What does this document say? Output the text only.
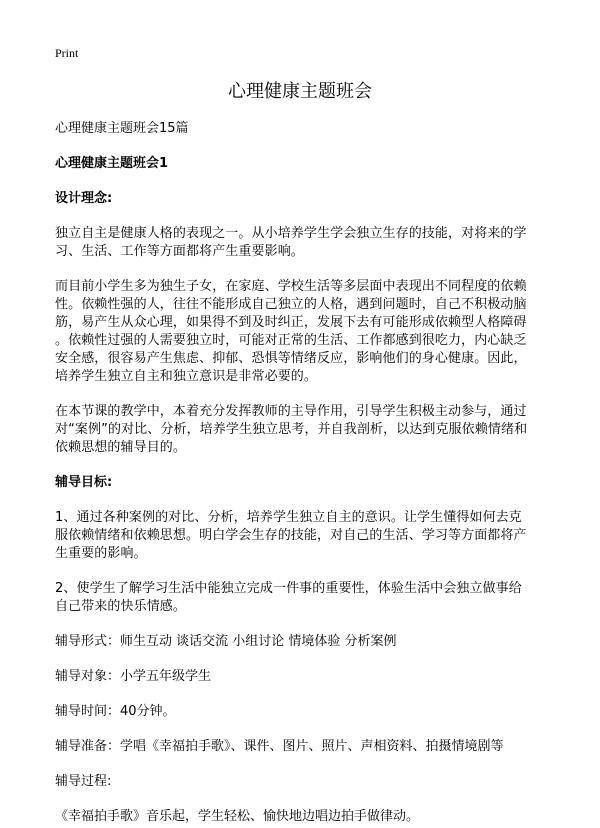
Print
心理健康主题班会

心理健康主题班会15篇

心理健康主题班会1

设计理念:

独立自主是健康人格的表现之一。从小培养学生学会独立生存的技能，对将来的学

习、生活、工作等方面都将产生重要影响。

而目前小学生多为独生子女，在家庭、学校生活等多层面中表现出不同程度的依赖

性。依赖性强的人，往往不能形成自己独立的人格，遇到问题时，自己不积极动脑

筋，易产生从众心理，如果得不到及时纠正，发展下去有可能形成依赖型人格障碍

。依赖性过强的人需要独立时，可能对正常的生活、工作都感到很吃力，内心缺乏

安全感，很容易产生焦虑、抑郁、恐惧等情绪反应，影响他们的身心健康。因此，

培养学生独立自主和独立意识是非常必要的。

在本节课的教学中，本着充分发挥教师的主导作用，引导学生积极主动参与，通过

对“案例”的对比、分析，培养学生独立思考，并自我剖析，以达到克服依赖情绪和

依赖思想的辅导目的。

辅导目标:

1、通过各种案例的对比、分析，培养学生独立自主的意识。让学生懂得如何去克

服依赖情绪和依赖思想。明白学会生存的技能，对自己的生活、学习等方面都将产

生重要的影响。

2、使学生了解学习生活中能独立完成一件事的重要性，体验生活中会独立做事给

自己带来的快乐情感。

辅导形式：师生互动 谈话交流 小组讨论 情境体验 分析案例

辅导对象：小学五年级学生

辅导时间：40分钟。

辅导准备：学唱《幸福拍手歌》、课件、图片、照片、声相资料、拍摄情境剧等

辅导过程:

《幸福拍手歌》音乐起，学生轻松、愉快地边唱边拍手做律动。
